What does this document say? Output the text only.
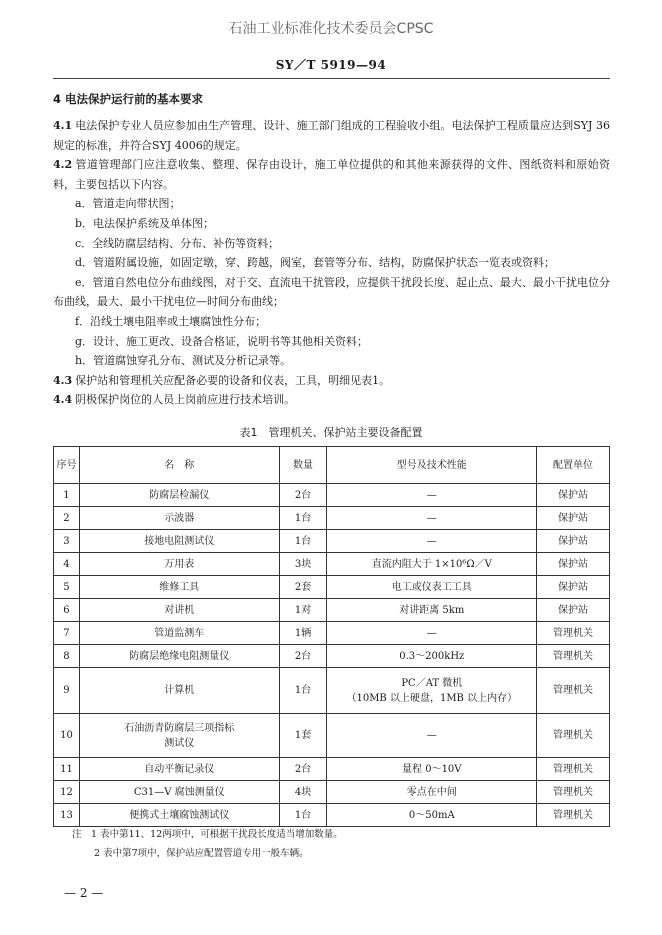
石油工业标准化技术委员会CPSC
SY／T 5919—94
4 电法保护运行前的基本要求

4.1 电法保护专业人员应参加由生产管理、设计、施工部门组成的工程验收小组。电法保护工程质量应达到SYJ 36规定的标准，并符合SYJ 4006的规定。

4.2 管道管理部门应注意收集、整理、保存由设计，施工单位提供的和其他来源获得的文件、图纸资料和原始资料，主要包括以下内容。

a．管道走向带状图；

b．电法保护系统及单体图；

c．全线防腐层结构、分布、补伤等资料；

d．管道附属设施，如固定墩，穿、跨越，阀室，套管等分布、结构，防腐保护状态一览表或资料；

e．管道自然电位分布曲线图，对于交、直流电干扰管段，应提供干扰段长度、起止点、最大、最小干扰电位分布曲线，最大、最小干扰电位—时间分布曲线；

f．沿线土壤电阻率或土壤腐蚀性分布；

g．设计、施工更改、设备合格证，说明书等其他相关资料；

h．管道腐蚀穿孔分布、测试及分析记录等。

4.3 保护站和管理机关应配备必要的设备和仪表，工具，明细见表1。

4.4 阴极保护岗位的人员上岗前应进行技术培训。

表1　管理机关、保护站主要设备配置
序号	名　称	数量	型号及技术性能	配置单位
1	防腐层检漏仪	2台	—	保护站
2	示波器	1台	—	保护站
3	接地电阻测试仪	1台	—	保护站
4	万用表	3块	直流内阻大于 1×10⁶Ω／V	保护站
5	维修工具	2套	电工或仪表工工具	保护站
6	对讲机	1对	对讲距离 5km	保护站
7	管道监测车	1辆	—	管理机关
8	防腐层绝缘电阻测量仪	2台	0.3～200kHz	管理机关
9	计算机	1台	PC／AT 微机
（10MB 以上硬盘，1MB 以上内存）	管理机关
10	石油沥青防腐层三项指标
测试仪	1套	—	管理机关
11	自动平衡记录仪	2台	量程 0～10V	管理机关
12	C31—V 腐蚀测量仪	4块	零点在中间	管理机关
13	便携式土壤腐蚀测试仪	1台	0～50mA	管理机关
注　 1 表中第11、12两项中，可根据干扰段长度适当增加数量。
2 表中第7项中，保护站应配置管道专用一般车辆。
— 2 —
